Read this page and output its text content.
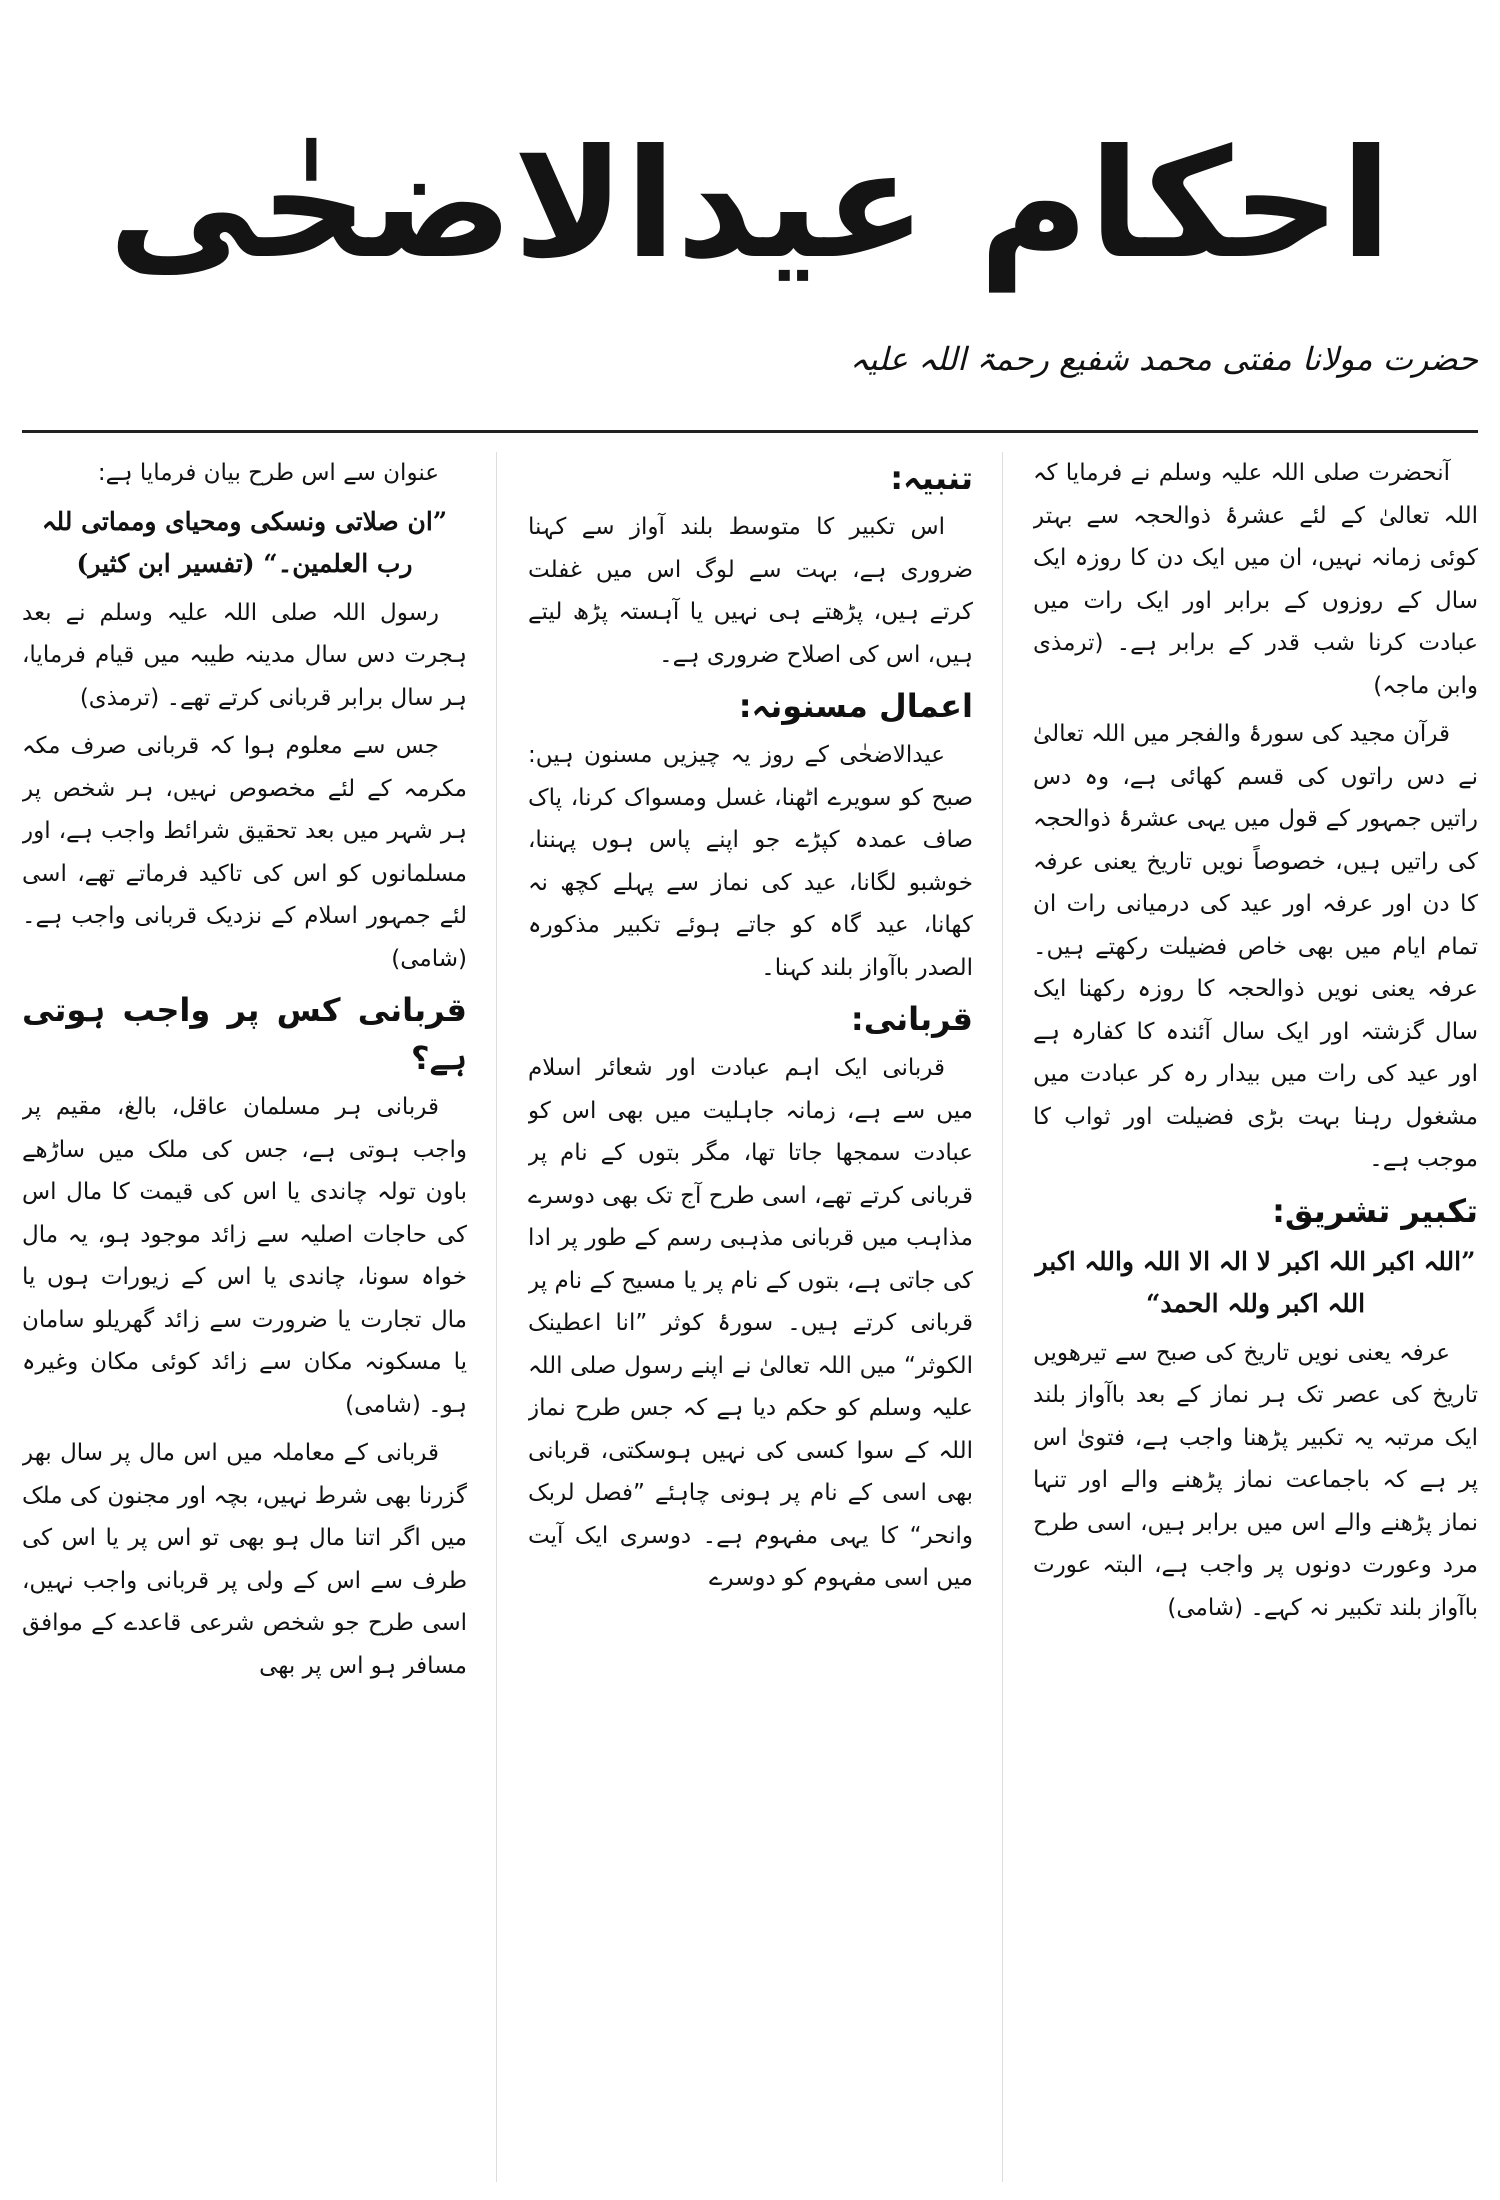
احکام عیدالاضحٰی
حضرت مولانا مفتی محمد شفیع رحمۃ اللہ علیہ

آنحضرت صلی اللہ علیہ وسلم نے فرمایا کہ اللہ تعالیٰ کے لئے عشرۂ ذوالحجہ سے بہتر کوئی زمانہ نہیں، ان میں ایک دن کا روزہ ایک سال کے روزوں کے برابر اور ایک رات میں عبادت کرنا شب قدر کے برابر ہے۔ (ترمذی وابن ماجہ)

قرآن مجید کی سورۂ والفجر میں اللہ تعالیٰ نے دس راتوں کی قسم کھائی ہے، وہ دس راتیں جمہور کے قول میں یہی عشرۂ ذوالحجہ کی راتیں ہیں، خصوصاً نویں تاریخ یعنی عرفہ کا دن اور عرفہ اور عید کی درمیانی رات ان تمام ایام میں بھی خاص فضیلت رکھتے ہیں۔ عرفہ یعنی نویں ذوالحجہ کا روزہ رکھنا ایک سال گزشتہ اور ایک سال آئندہ کا کفارہ ہے اور عید کی رات میں بیدار رہ کر عبادت میں مشغول رہنا بہت بڑی فضیلت اور ثواب کا موجب ہے۔

تکبیر تشریق:

”اللہ اکبر اللہ اکبر لا الہ الا اللہ واللہ اکبر اللہ اکبر وللہ الحمد“

عرفہ یعنی نویں تاریخ کی صبح سے تیرھویں تاریخ کی عصر تک ہر نماز کے بعد باآواز بلند ایک مرتبہ یہ تکبیر پڑھنا واجب ہے، فتویٰ اس پر ہے کہ باجماعت نماز پڑھنے والے اور تنہا نماز پڑھنے والے اس میں برابر ہیں، اسی طرح مرد وعورت دونوں پر واجب ہے، البتہ عورت باآواز بلند تکبیر نہ کہے۔ (شامی)

تنبیہ:

اس تکبیر کا متوسط بلند آواز سے کہنا ضروری ہے، بہت سے لوگ اس میں غفلت کرتے ہیں، پڑھتے ہی نہیں یا آہستہ پڑھ لیتے ہیں، اس کی اصلاح ضروری ہے۔

اعمال مسنونہ:

عیدالاضحٰی کے روز یہ چیزیں مسنون ہیں: صبح کو سویرے اٹھنا، غسل ومسواک کرنا، پاک صاف عمدہ کپڑے جو اپنے پاس ہوں پہننا، خوشبو لگانا، عید کی نماز سے پہلے کچھ نہ کھانا، عید گاہ کو جاتے ہوئے تکبیر مذکورہ الصدر باآواز بلند کہنا۔

قربانی:

قربانی ایک اہم عبادت اور شعائر اسلام میں سے ہے، زمانہ جاہلیت میں بھی اس کو عبادت سمجھا جاتا تھا، مگر بتوں کے نام پر قربانی کرتے تھے، اسی طرح آج تک بھی دوسرے مذاہب میں قربانی مذہبی رسم کے طور پر ادا کی جاتی ہے، بتوں کے نام پر یا مسیح کے نام پر قربانی کرتے ہیں۔ سورۂ کوثر ”انا اعطینک الکوثر“ میں اللہ تعالیٰ نے اپنے رسول صلی اللہ علیہ وسلم کو حکم دیا ہے کہ جس طرح نماز اللہ کے سوا کسی کی نہیں ہوسکتی، قربانی بھی اسی کے نام پر ہونی چاہئے ”فصل لربک وانحر“ کا یہی مفہوم ہے۔ دوسری ایک آیت میں اسی مفہوم کو دوسرے

عنوان سے اس طرح بیان فرمایا ہے:

”ان صلاتی ونسکی ومحیای ومماتی للہ رب العلمین۔“ (تفسیر ابن کثیر)

رسول اللہ صلی اللہ علیہ وسلم نے بعد ہجرت دس سال مدینہ طیبہ میں قیام فرمایا، ہر سال برابر قربانی کرتے تھے۔ (ترمذی)

جس سے معلوم ہوا کہ قربانی صرف مکہ مکرمہ کے لئے مخصوص نہیں، ہر شخص پر ہر شہر میں بعد تحقیق شرائط واجب ہے، اور مسلمانوں کو اس کی تاکید فرماتے تھے، اسی لئے جمہور اسلام کے نزدیک قربانی واجب ہے۔ (شامی)

قربانی کس پر واجب ہوتی ہے؟

قربانی ہر مسلمان عاقل، بالغ، مقیم پر واجب ہوتی ہے، جس کی ملک میں ساڑھے باون تولہ چاندی یا اس کی قیمت کا مال اس کی حاجات اصلیہ سے زائد موجود ہو، یہ مال خواہ سونا، چاندی یا اس کے زیورات ہوں یا مال تجارت یا ضرورت سے زائد گھریلو سامان یا مسکونہ مکان سے زائد کوئی مکان وغیرہ ہو۔ (شامی)

قربانی کے معاملہ میں اس مال پر سال بھر گزرنا بھی شرط نہیں، بچہ اور مجنون کی ملک میں اگر اتنا مال ہو بھی تو اس پر یا اس کی طرف سے اس کے ولی پر قربانی واجب نہیں، اسی طرح جو شخص شرعی قاعدے کے موافق مسافر ہو اس پر بھی
